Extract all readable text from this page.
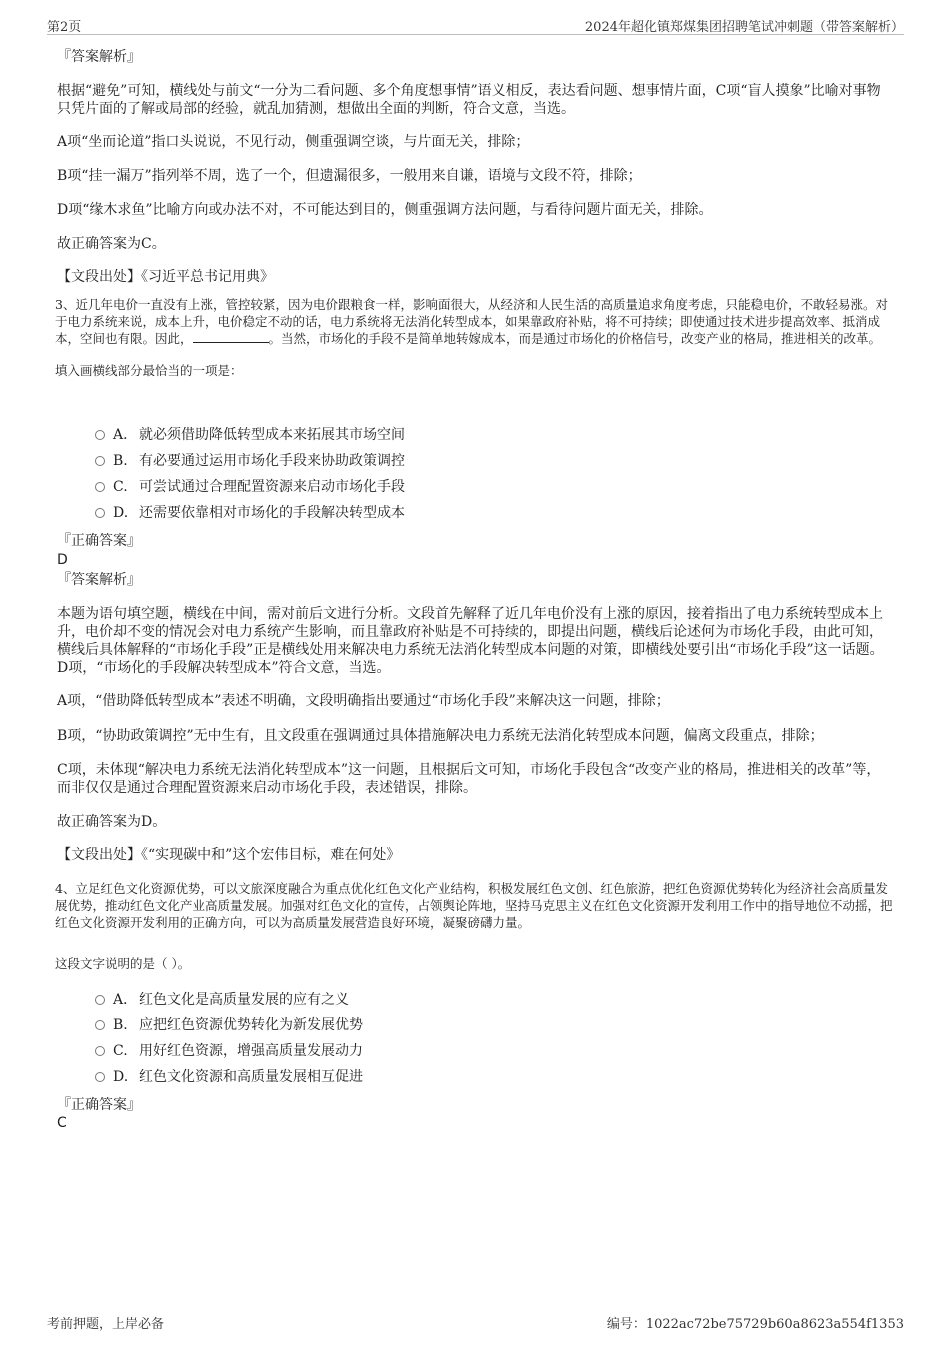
第2页	2024年超化镇郑煤集团招聘笔试冲刺题（带答案解析）

『答案解析』

根据“避免”可知，横线处与前文“一分为二看问题、多个角度想事情”语义相反，表达看问题、想事情片面，C项“盲人摸象”比喻对事物只凭片面的了解或局部的经验，就乱加猜测，想做出全面的判断，符合文意，当选。

A项“坐而论道”指口头说说，不见行动，侧重强调空谈，与片面无关，排除；

B项“挂一漏万”指列举不周，选了一个，但遗漏很多，一般用来自谦，语境与文段不符，排除；

D项“缘木求鱼”比喻方向或办法不对，不可能达到目的，侧重强调方法问题，与看待问题片面无关，排除。

故正确答案为C。

【文段出处】《习近平总书记用典》

3、近几年电价一直没有上涨，管控较紧，因为电价跟粮食一样，影响面很大，从经济和人民生活的高质量追求角度考虑，只能稳电价，不敢轻易涨。对于电力系统来说，成本上升，电价稳定不动的话，电力系统将无法消化转型成本，如果靠政府补贴，将不可持续；即使通过技术进步提高效率、抵消成本，空间也有限。因此，	。当然，市场化的手段不是简单地转嫁成本，而是通过市场化的价格信号，改变产业的格局，推进相关的改革。

填入画横线部分最恰当的一项是：

A． 就必须借助降低转型成本来拓展其市场空间
B. 有必要通过运用市场化手段来协助政策调控
C. 可尝试通过合理配置资源来启动市场化手段
D. 还需要依靠相对市场化的手段解决转型成本

『正确答案』

D

『答案解析』

本题为语句填空题，横线在中间，需对前后文进行分析。文段首先解释了近几年电价没有上涨的原因，接着指出了电力系统转型成本上升，电价却不变的情况会对电力系统产生影响，而且靠政府补贴是不可持续的，即提出问题，横线后论述何为市场化手段，由此可知，横线后具体解释的“市场化手段”正是横线处用来解决电力系统无法消化转型成本问题的对策，即横线处要引出“市场化手段”这一话题。D项，“市场化的手段解决转型成本”符合文意，当选。

A项，“借助降低转型成本”表述不明确，文段明确指出要通过“市场化手段”来解决这一问题，排除；

B项，“协助政策调控”无中生有，且文段重在强调通过具体措施解决电力系统无法消化转型成本问题，偏离文段重点，排除；

C项，未体现“解决电力系统无法消化转型成本”这一问题，且根据后文可知，市场化手段包含“改变产业的格局，推进相关的改革”等，而非仅仅是通过合理配置资源来启动市场化手段，表述错误，排除。

故正确答案为D。

【文段出处】《“实现碳中和”这个宏伟目标，难在何处》

4、立足红色文化资源优势，可以文旅深度融合为重点优化红色文化产业结构，积极发展红色文创、红色旅游，把红色资源优势转化为经济社会高质量发展优势，推动红色文化产业高质量发展。加强对红色文化的宣传，占领舆论阵地，坚持马克思主义在红色文化资源开发利用工作中的指导地位不动摇，把红色文化资源开发利用的正确方向，可以为高质量发展营造良好环境，凝聚磅礴力量。

这段文字说明的是（ ）。

A． 红色文化是高质量发展的应有之义
B. 应把红色资源优势转化为新发展优势
C. 用好红色资源，增强高质量发展动力
D. 红色文化资源和高质量发展相互促进

『正确答案』

C

考前押题，上岸必备	编号：1022ac72be75729b60a8623a554f1353
